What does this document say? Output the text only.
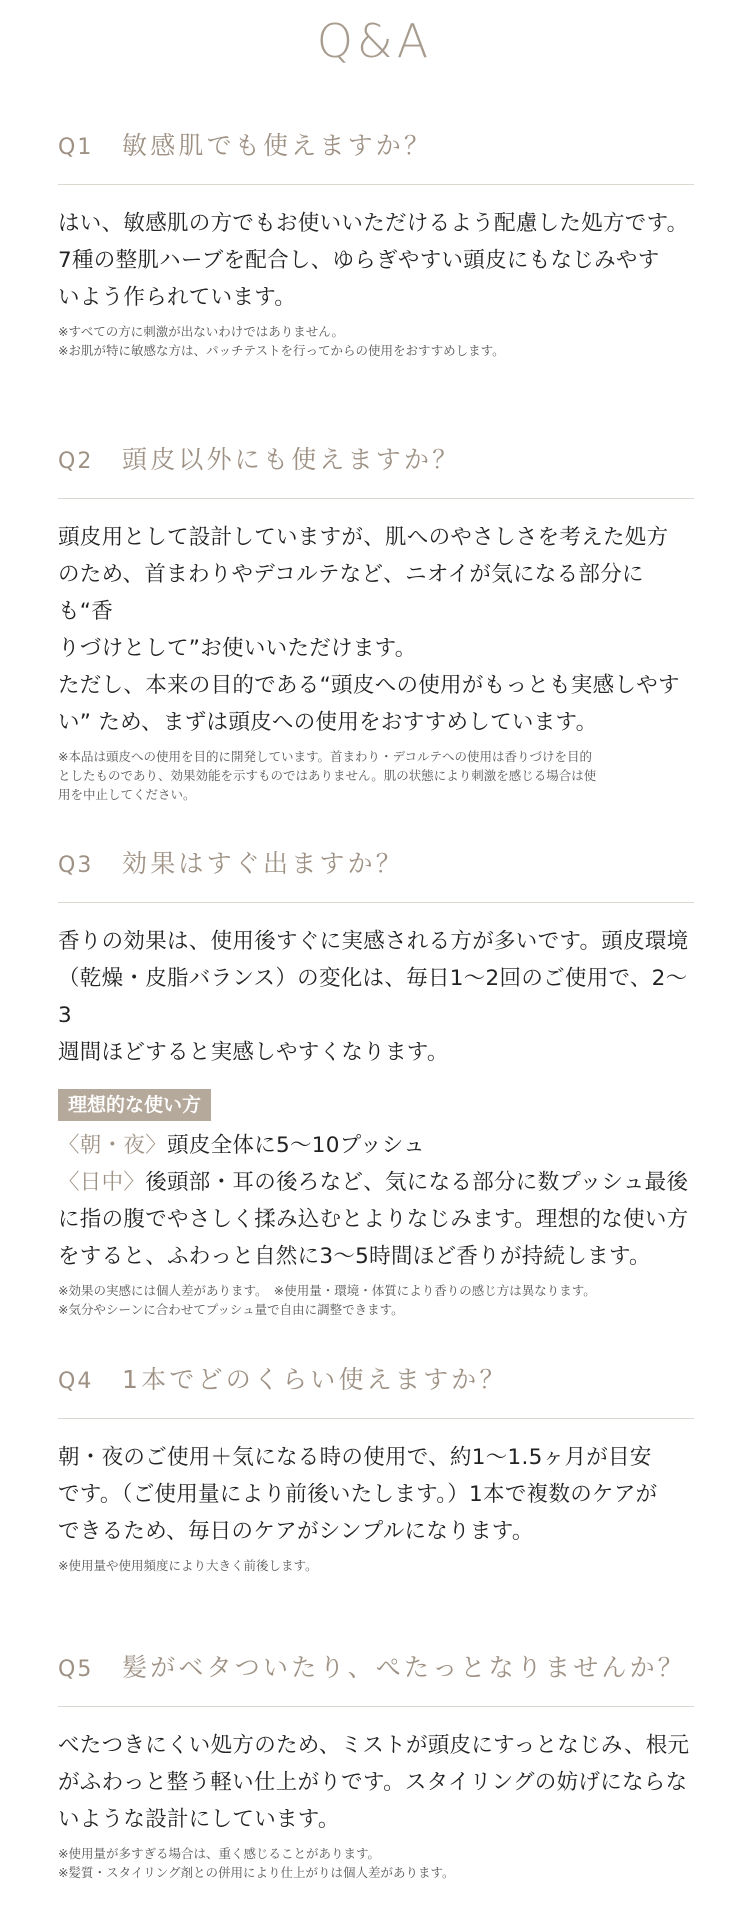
Q&A
Q1	敏感肌でも使えますか？

はい、敏感肌の方でもお使いいただけるよう配慮した処方です。

7種の整肌ハーブを配合し、ゆらぎやすい頭皮にもなじみやす

いよう作られています。

※すべての方に刺激が出ないわけではありません。
※お肌が特に敏感な方は、パッチテストを行ってからの使用をおすすめします。
Q2	頭皮以外にも使えますか？

頭皮用として設計していますが、肌へのやさしさを考えた処方

のため、首まわりやデコルテなど、ニオイが気になる部分にも“香

りづけとして”お使いいただけます。

ただし、本来の目的である“頭皮への使用がもっとも実感しやす

い” ため、まずは頭皮への使用をおすすめしています。

※本品は頭皮への使用を目的に開発しています。首まわり・デコルテへの使用は香りづけを目的
としたものであり、効果効能を示すものではありません。肌の状態により刺激を感じる場合は使
用を中止してください。
Q3	効果はすぐ出ますか？

香りの効果は、使用後すぐに実感される方が多いです。頭皮環境

（乾燥・皮脂バランス）の変化は、毎日1〜2回のご使用で、2〜3

週間ほどすると実感しやすくなります。

理想的な使い方

〈朝・夜〉頭皮全体に5〜10プッシュ

〈日中〉後頭部・耳の後ろなど、気になる部分に数プッシュ最後

に指の腹でやさしく揉み込むとよりなじみます。理想的な使い方

をすると、ふわっと自然に3〜5時間ほど香りが持続します。

※効果の実感には個人差があります。　※使用量・環境・体質により香りの感じ方は異なります。
※気分やシーンに合わせてプッシュ量で自由に調整できます。
Q4	1本でどのくらい使えますか？

朝・夜のご使用＋気になる時の使用で、約1〜1.5ヶ月が目安

です。（ご使用量により前後いたします。）1本で複数のケアが

できるため、毎日のケアがシンプルになります。

※使用量や使用頻度により大きく前後します。
Q5	髪がベタついたり、ぺたっとなりませんか？

べたつきにくい処方のため、ミストが頭皮にすっとなじみ、根元

がふわっと整う軽い仕上がりです。スタイリングの妨げにならな

いような設計にしています。

※使用量が多すぎる場合は、重く感じることがあります。
※髪質・スタイリング剤との併用により仕上がりは個人差があります。
